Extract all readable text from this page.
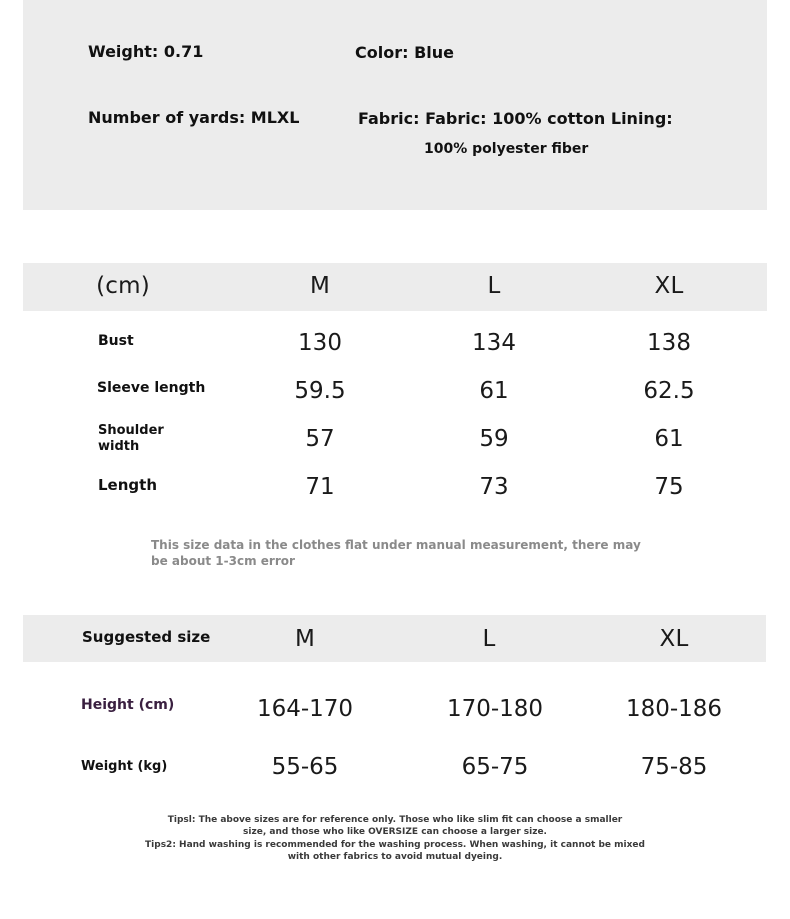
Weight: 0.71	Color: Blue
Number of yards: MLXL	Fabric: Fabric: 100% cotton Lining:
100% polyester fiber
(cm)	M	L	XL
Bust	130	134	138
Sleeve length	59.5	61	62.5
Shoulder
width	57	59	61
Length	71	73	75
This size data in the clothes flat under manual measurement, there may be about 1-3cm error
Suggested size	M	L	XL
Height (cm)	164-170	170-180	180-186
Weight (kg)	55-65	65-75	75-85
Tipsl: The above sizes are for reference only. Those who like slim fit can choose a smaller
size, and those who like OVERSIZE can choose a larger size.
Tips2: Hand washing is recommended for the washing process. When washing, it cannot be mixed
with other fabrics to avoid mutual dyeing.
